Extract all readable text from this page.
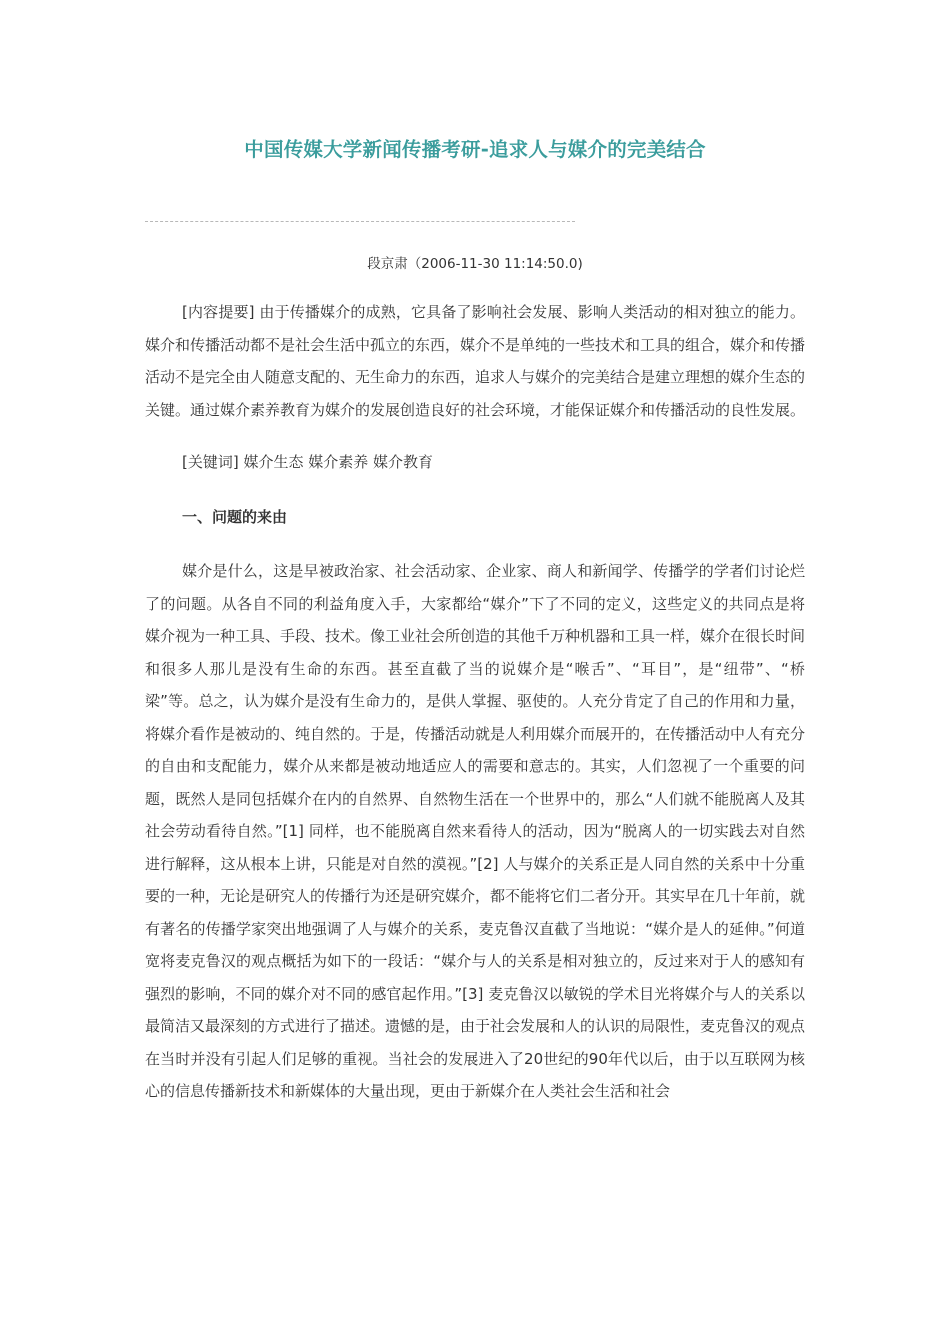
中国传媒大学新闻传播考研-追求人与媒介的完美结合
段京肃（2006-11-30 11:14:50.0)

[内容提要] 由于传播媒介的成熟，它具备了影响社会发展、影响人类活动的相对独立的能力。媒介和传播活动都不是社会生活中孤立的东西，媒介不是单纯的一些技术和工具的组合，媒介和传播活动不是完全由人随意支配的、无生命力的东西，追求人与媒介的完美结合是建立理想的媒介生态的关键。通过媒介素养教育为媒介的发展创造良好的社会环境，才能保证媒介和传播活动的良性发展。

[关键词] 媒介生态 媒介素养 媒介教育

一、问题的来由

媒介是什么，这是早被政治家、社会活动家、企业家、商人和新闻学、传播学的学者们讨论烂了的问题。从各自不同的利益角度入手，大家都给“媒介”下了不同的定义，这些定义的共同点是将媒介视为一种工具、手段、技术。像工业社会所创造的其他千万种机器和工具一样，媒介在很长时间和很多人那儿是没有生命的东西。甚至直截了当的说媒介是“喉舌”、“耳目”，是“纽带”、“桥梁”等。总之，认为媒介是没有生命力的，是供人掌握、驱使的。人充分肯定了自己的作用和力量，将媒介看作是被动的、纯自然的。于是，传播活动就是人利用媒介而展开的，在传播活动中人有充分的自由和支配能力，媒介从来都是被动地适应人的需要和意志的。其实，人们忽视了一个重要的问题，既然人是同包括媒介在内的自然界、自然物生活在一个世界中的，那么“人们就不能脱离人及其社会劳动看待自然。”[1] 同样，也不能脱离自然来看待人的活动，因为“脱离人的一切实践去对自然进行解释，这从根本上讲，只能是对自然的漠视。”[2] 人与媒介的关系正是人同自然的关系中十分重要的一种，无论是研究人的传播行为还是研究媒介，都不能将它们二者分开。其实早在几十年前，就有著名的传播学家突出地强调了人与媒介的关系，麦克鲁汉直截了当地说：“媒介是人的延伸。”何道宽将麦克鲁汉的观点概括为如下的一段话：“媒介与人的关系是相对独立的，反过来对于人的感知有强烈的影响，不同的媒介对不同的感官起作用。”[3] 麦克鲁汉以敏锐的学术目光将媒介与人的关系以最简洁又最深刻的方式进行了描述。遗憾的是，由于社会发展和人的认识的局限性，麦克鲁汉的观点在当时并没有引起人们足够的重视。当社会的发展进入了20世纪的90年代以后，由于以互联网为核心的信息传播新技术和新媒体的大量出现，更由于新媒介在人类社会生活和社会
